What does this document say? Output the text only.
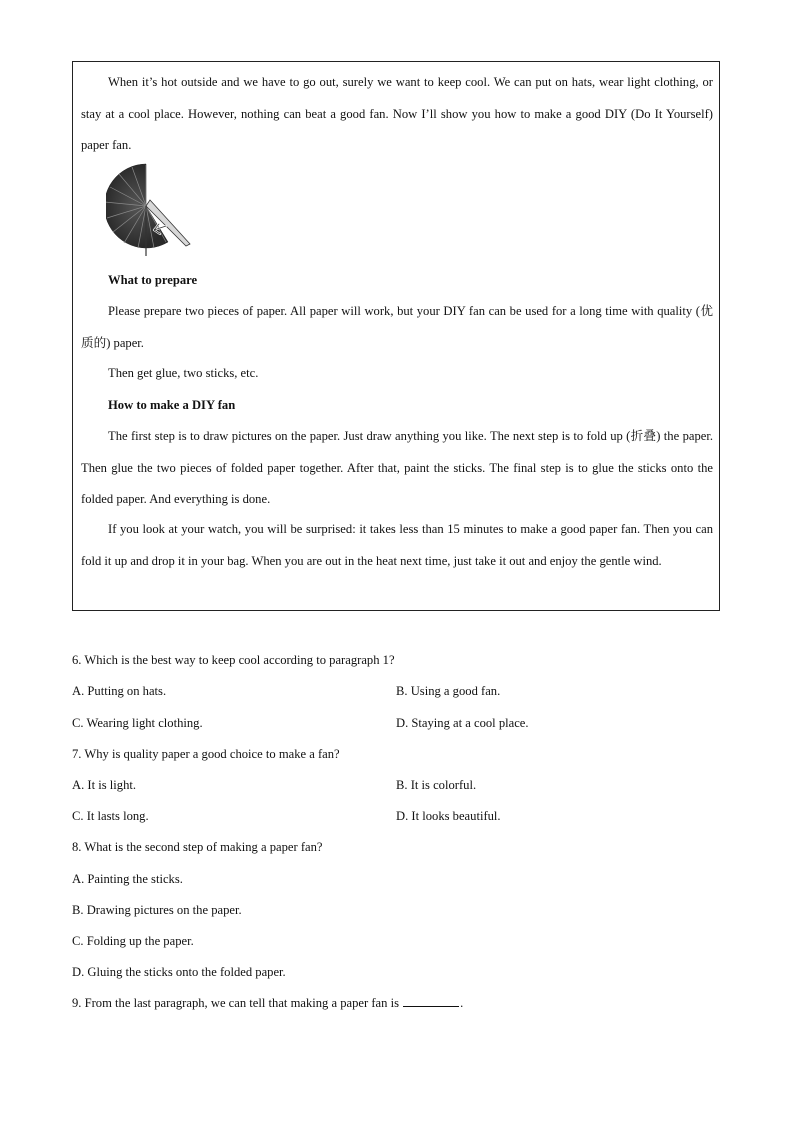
When it’s hot outside and we have to go out, surely we want to keep cool. We can put on hats, wear light clothing, or stay at a cool place. However, nothing can beat a good fan. Now I’ll show you how to make a good DIY (Do It Yourself) paper fan.

What to prepare

Please prepare two pieces of paper. All paper will work, but your DIY fan can be used for a long time with quality (优质的) paper.

Then get glue, two sticks, etc.

How to make a DIY fan

The first step is to draw pictures on the paper. Just draw anything you like. The next step is to fold up (折叠) the paper. Then glue the two pieces of folded paper together. After that, paint the sticks. The final step is to glue the sticks onto the folded paper. And everything is done.

If you look at your watch, you will be surprised: it takes less than 15 minutes to make a good paper fan. Then you can fold it up and drop it in your bag. When you are out in the heat next time, just take it out and enjoy the gentle wind.

6. Which is the best way to keep cool according to paragraph 1?

A. Putting on hats.	B. Using a good fan.

C. Wearing light clothing.	D. Staying at a cool place.

7. Why is quality paper a good choice to make a fan?

A. It is light.	B. It is colorful.

C. It lasts long.	D. It looks beautiful.

8. What is the second step of making a paper fan?

A. Painting the sticks.

B. Drawing pictures on the paper.

C. Folding up the paper.

D. Gluing the sticks onto the folded paper.

9. From the last paragraph, we can tell that making a paper fan is	.
